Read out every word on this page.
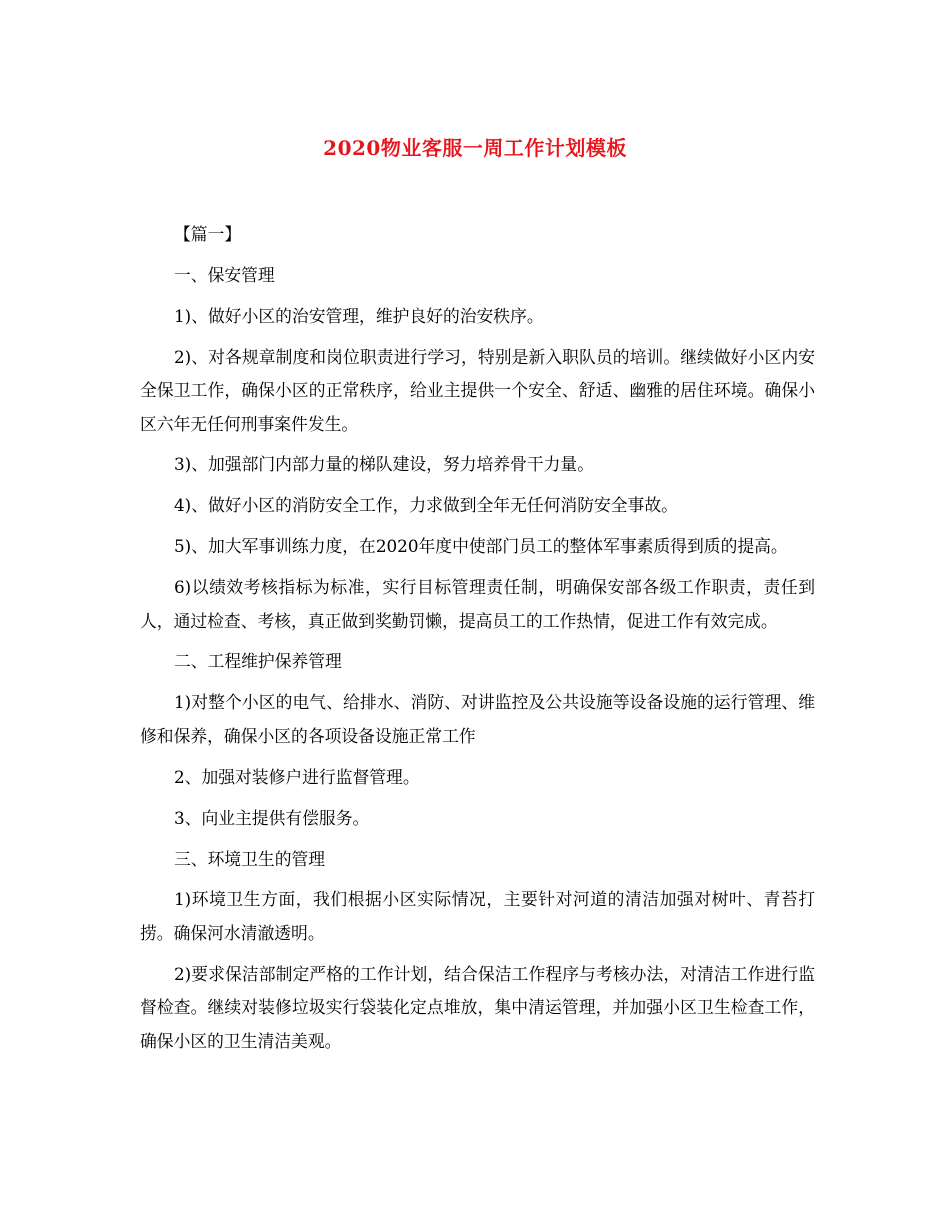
2020物业客服一周工作计划模板

【篇一】

一、保安管理

1)、做好小区的治安管理，维护良好的治安秩序。

2)、对各规章制度和岗位职责进行学习，特别是新入职队员的培训。继续做好小区内安全保卫工作，确保小区的正常秩序，给业主提供一个安全、舒适、幽雅的居住环境。确保小区六年无任何刑事案件发生。

3)、加强部门内部力量的梯队建设，努力培养骨干力量。

4)、做好小区的消防安全工作，力求做到全年无任何消防安全事故。

5)、加大军事训练力度，在2020年度中使部门员工的整体军事素质得到质的提高。

6)以绩效考核指标为标准，实行目标管理责任制，明确保安部各级工作职责，责任到人，通过检查、考核，真正做到奖勤罚懒，提高员工的工作热情，促进工作有效完成。

二、工程维护保养管理

1)对整个小区的电气、给排水、消防、对讲监控及公共设施等设备设施的运行管理、维修和保养，确保小区的各项设备设施正常工作

2、加强对装修户进行监督管理。

3、向业主提供有偿服务。

三、环境卫生的管理

1)环境卫生方面，我们根据小区实际情况，主要针对河道的清洁加强对树叶、青苔打捞。确保河水清澈透明。

2)要求保洁部制定严格的工作计划，结合保洁工作程序与考核办法，对清洁工作进行监督检查。继续对装修垃圾实行袋装化定点堆放，集中清运管理，并加强小区卫生检查工作，确保小区的卫生清洁美观。
